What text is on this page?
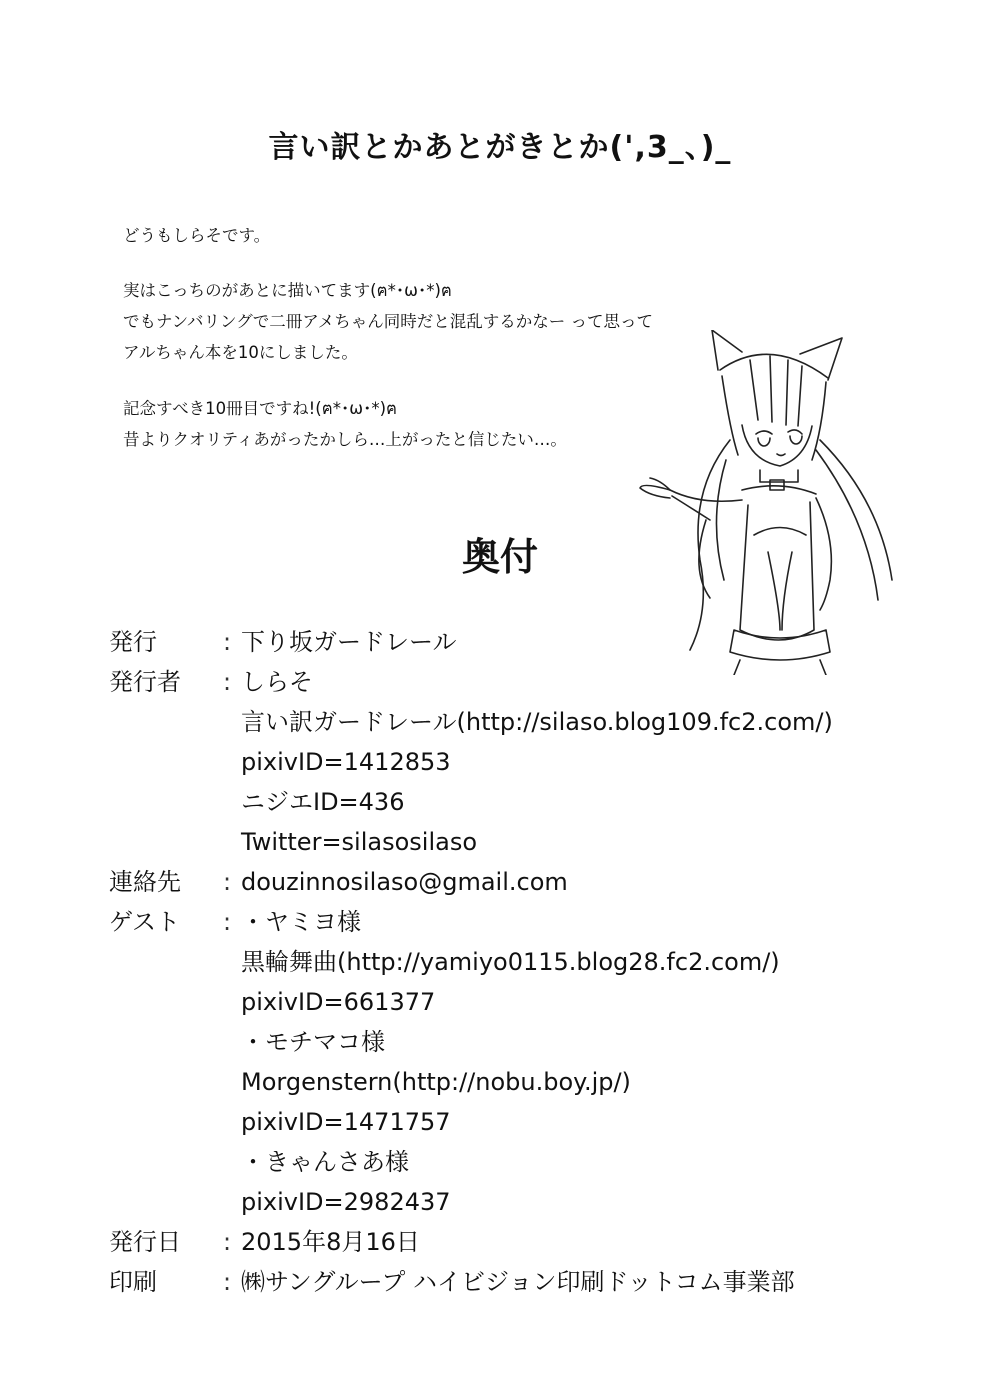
言い訳とかあとがきとか(',3_、)_

どうもしらそです。

実はこっちのがあとに描いてます(ฅ*･ω･*)ฅ

でもナンバリングで二冊アメちゃん同時だと混乱するかなー って思って

アルちゃん本を10にしました。

記念すべき10冊目ですね!(ฅ*･ω･*)ฅ

昔よりクオリティあがったかしら…上がったと信じたい…。

奥付
発行	: 下り坂ガードレール
発行者	: しらそ
言い訳ガードレール(http://silaso.blog109.fc2.com/)
pixivID=1412853
ニジエID=436
Twitter=silasosilaso
連絡先	: douzinnosilaso@gmail.com
ゲスト	: ・ヤミヨ様
黒輪舞曲(http://yamiyo0115.blog28.fc2.com/)
pixivID=661377
・モチマコ様
Morgenstern(http://nobu.boy.jp/)
pixivID=1471757
・きゃんさあ様
pixivID=2982437
発行日	: 2015年8月16日
印刷	: ㈱サングループ ハイビジョン印刷ドットコム事業部
